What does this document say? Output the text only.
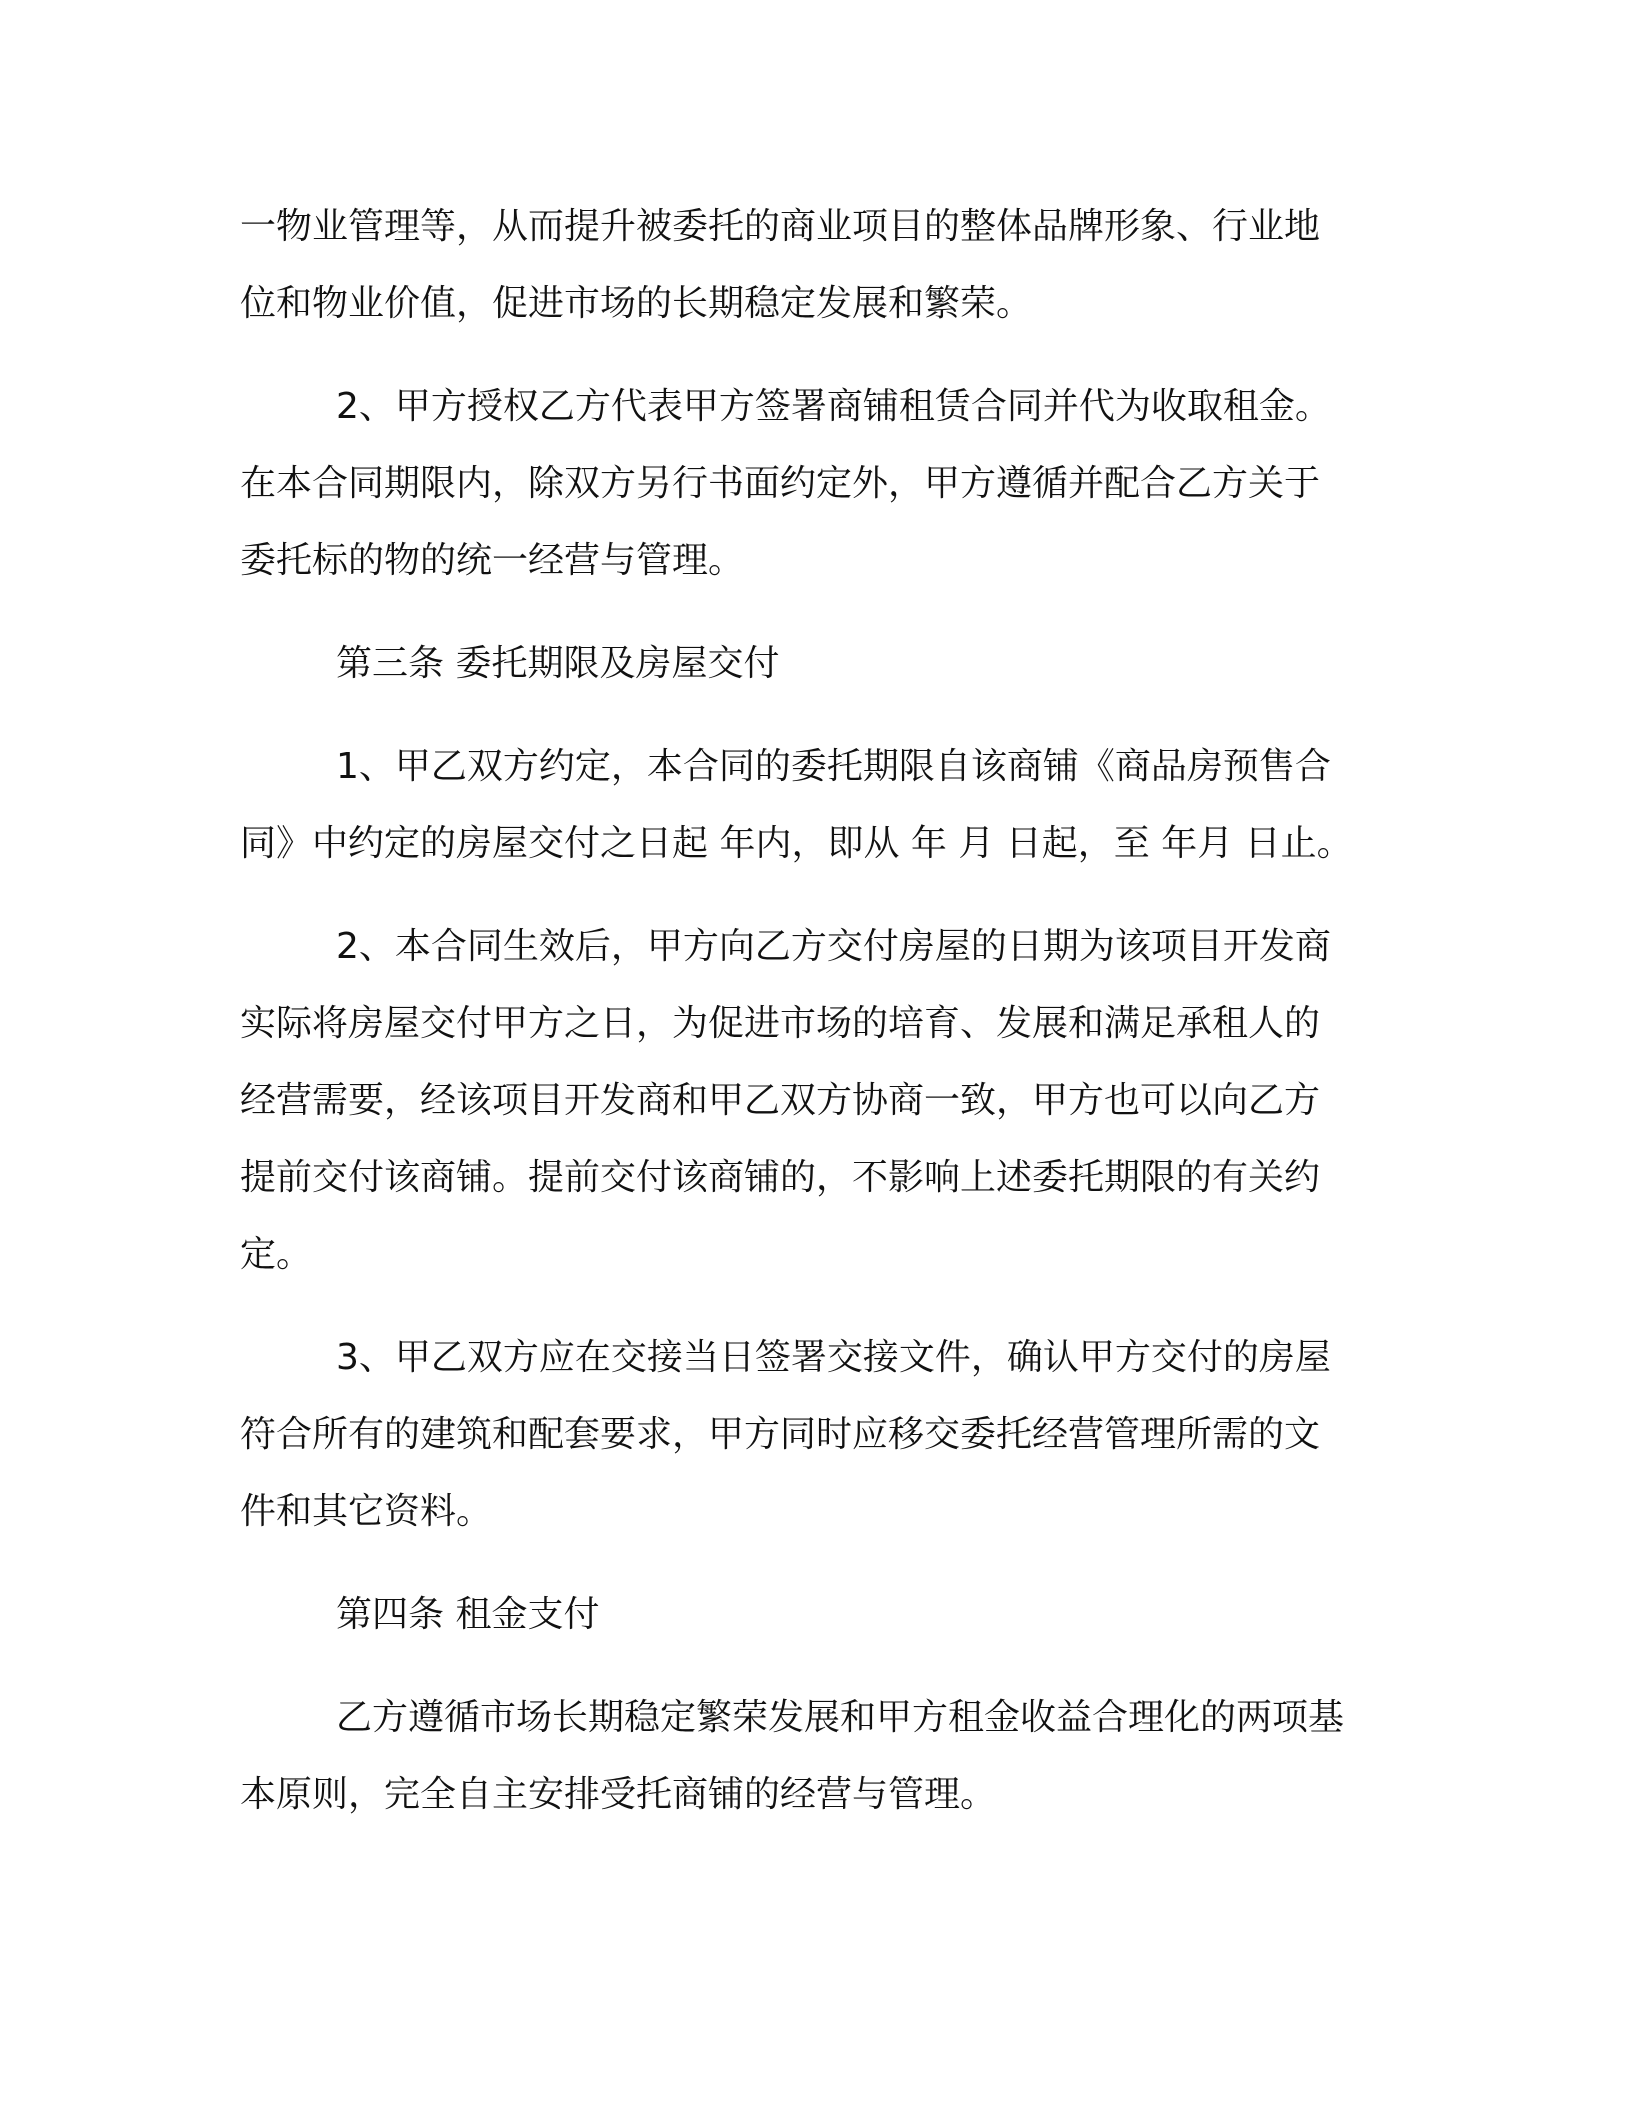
一物业管理等，从而提升被委托的商业项目的整体品牌形象、行业地
位和物业价值，促进市场的长期稳定发展和繁荣。

2、甲方授权乙方代表甲方签署商铺租赁合同并代为收取租金。
在本合同期限内，除双方另行书面约定外，甲方遵循并配合乙方关于
委托标的物的统一经营与管理。

第三条 委托期限及房屋交付

1、甲乙双方约定，本合同的委托期限自该商铺《商品房预售合
同》中约定的房屋交付之日起 年内，即从 年 月 日起，至 年月 日止。

2、本合同生效后，甲方向乙方交付房屋的日期为该项目开发商
实际将房屋交付甲方之日，为促进市场的培育、发展和满足承租人的
经营需要，经该项目开发商和甲乙双方协商一致，甲方也可以向乙方
提前交付该商铺。提前交付该商铺的，不影响上述委托期限的有关约
定。

3、甲乙双方应在交接当日签署交接文件，确认甲方交付的房屋
符合所有的建筑和配套要求，甲方同时应移交委托经营管理所需的文
件和其它资料。

第四条 租金支付

乙方遵循市场长期稳定繁荣发展和甲方租金收益合理化的两项基
本原则，完全自主安排受托商铺的经营与管理。
